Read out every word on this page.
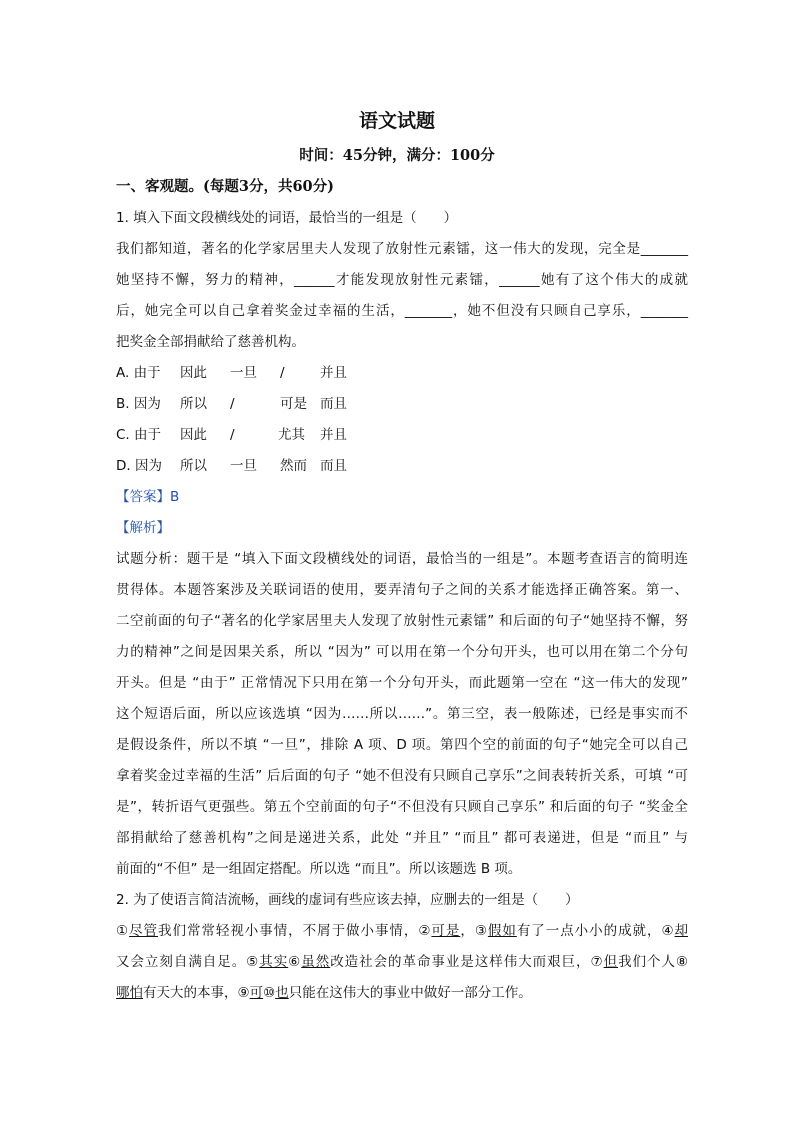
语文试题
时间：45分钟，满分：100分
一、客观题。(每题3分，共60分)
1. 填入下面文段横线处的词语，最恰当的一组是（　　）
我们都知道，著名的化学家居里夫人发现了放射性元素镭，这一伟大的发现，完全是_______
她坚持不懈，努力的精神，______才能发现放射性元素镭，______她有了这个伟大的成就
后，她完全可以自己拿着奖金过幸福的生活，_______，她不但没有只顾自己享乐，_______
把奖金全部捐献给了慈善机构。
A. 由于 因此 一旦 /	并且
B. 因为 所以 /	可是 而且
C. 由于 因此 /	尤其 并且
D. 因为 所以 一旦 然而 而且
【答案】B
【解析】
试题分析：题干是 “填入下面文段横线处的词语，最恰当的一组是”。本题考查语言的简明连
贯得体。本题答案涉及关联词语的使用，要弄清句子之间的关系才能选择正确答案。第一、
二空前面的句子“著名的化学家居里夫人发现了放射性元素镭” 和后面的句子“她坚持不懈，努
力的精神”之间是因果关系，所以 “因为” 可以用在第一个分句开头，也可以用在第二个分句
开头。但是 “由于” 正常情况下只用在第一个分句开头，而此题第一空在 “这一伟大的发现”
这个短语后面，所以应该选填 “因为……所以……”。第三空，表一般陈述，已经是事实而不
是假设条件，所以不填 “一旦”，排除 A 项、D 项。第四个空的前面的句子“她完全可以自己
拿着奖金过幸福的生活” 后后面的句子 “她不但没有只顾自己享乐”之间表转折关系，可填 “可
是”，转折语气更强些。第五个空前面的句子“不但没有只顾自己享乐” 和后面的句子 “奖金全
部捐献给了慈善机构”之间是递进关系，此处 “并且” “而且” 都可表递进，但是 “而且” 与
前面的“不但” 是一组固定搭配。所以选 “而且”。所以该题选 B 项。
2. 为了使语言简洁流畅，画线的虚词有些应该去掉，应删去的一组是（　　）
①尽管我们常常轻视小事情，不屑于做小事情，②可是，③假如有了一点小小的成就，④却
又会立刻自满自足。⑤其实⑥虽然改造社会的革命事业是这样伟大而艰巨，⑦但我们个人⑧
哪怕有天大的本事，⑨可⑩也只能在这伟大的事业中做好一部分工作。
